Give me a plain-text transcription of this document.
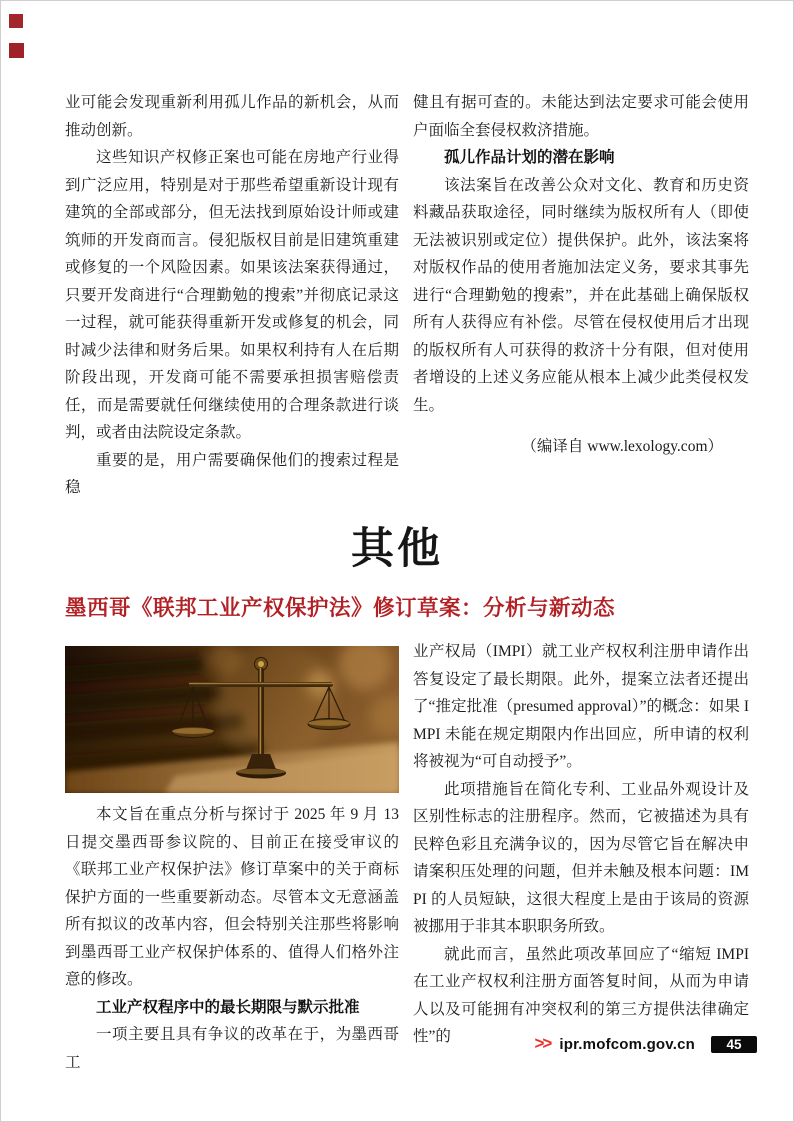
业可能会发现重新利用孤儿作品的新机会，从而推动创新。

这些知识产权修正案也可能在房地产行业得到广泛应用，特别是对于那些希望重新设计现有建筑的全部或部分，但无法找到原始设计师或建筑师的开发商而言。侵犯版权目前是旧建筑重建或修复的一个风险因素。如果该法案获得通过，只要开发商进行“合理勤勉的搜索”并彻底记录这一过程，就可能获得重新开发或修复的机会，同时减少法律和财务后果。如果权利持有人在后期阶段出现，开发商可能不需要承担损害赔偿责任，而是需要就任何继续使用的合理条款进行谈判，或者由法院设定条款。

重要的是，用户需要确保他们的搜索过程是稳

健且有据可查的。未能达到法定要求可能会使用户面临全套侵权救济措施。

孤儿作品计划的潜在影响

该法案旨在改善公众对文化、教育和历史资料藏品获取途径，同时继续为版权所有人（即使无法被识别或定位）提供保护。此外，该法案将对版权作品的使用者施加法定义务，要求其事先进行“合理勤勉的搜索”，并在此基础上确保版权所有人获得应有补偿。尽管在侵权使用后才出现的版权所有人可获得的救济十分有限，但对使用者增设的上述义务应能从根本上减少此类侵权发生。

（编译自 www.lexology.com）

其他
墨西哥《联邦工业产权保护法》修订草案：分析与新动态

本文旨在重点分析与探讨于 2025 年 9 月 13 日提交墨西哥参议院的、目前正在接受审议的《联邦工业产权保护法》修订草案中的关于商标保护方面的一些重要新动态。尽管本文无意涵盖所有拟议的改革内容，但会特别关注那些将影响到墨西哥工业产权保护体系的、值得人们格外注意的修改。

工业产权程序中的最长期限与默示批准

一项主要且具有争议的改革在于，为墨西哥工

业产权局（IMPI）就工业产权权利注册申请作出答复设定了最长期限。此外，提案立法者还提出了“推定批准（presumed approval）”的概念：如果 IMPI 未能在规定期限内作出回应，所申请的权利将被视为“可自动授予”。

此项措施旨在简化专利、工业品外观设计及区别性标志的注册程序。然而，它被描述为具有民粹色彩且充满争议的，因为尽管它旨在解决申请案积压处理的问题，但并未触及根本问题：IMPI 的人员短缺，这很大程度上是由于该局的资源被挪用于非其本职职务所致。

就此而言，虽然此项改革回应了“缩短 IMPI 在工业产权权利注册方面答复时间，从而为申请人以及可能拥有冲突权利的第三方提供法律确定性”的	>> ipr.mofcom.gov.cn	45
